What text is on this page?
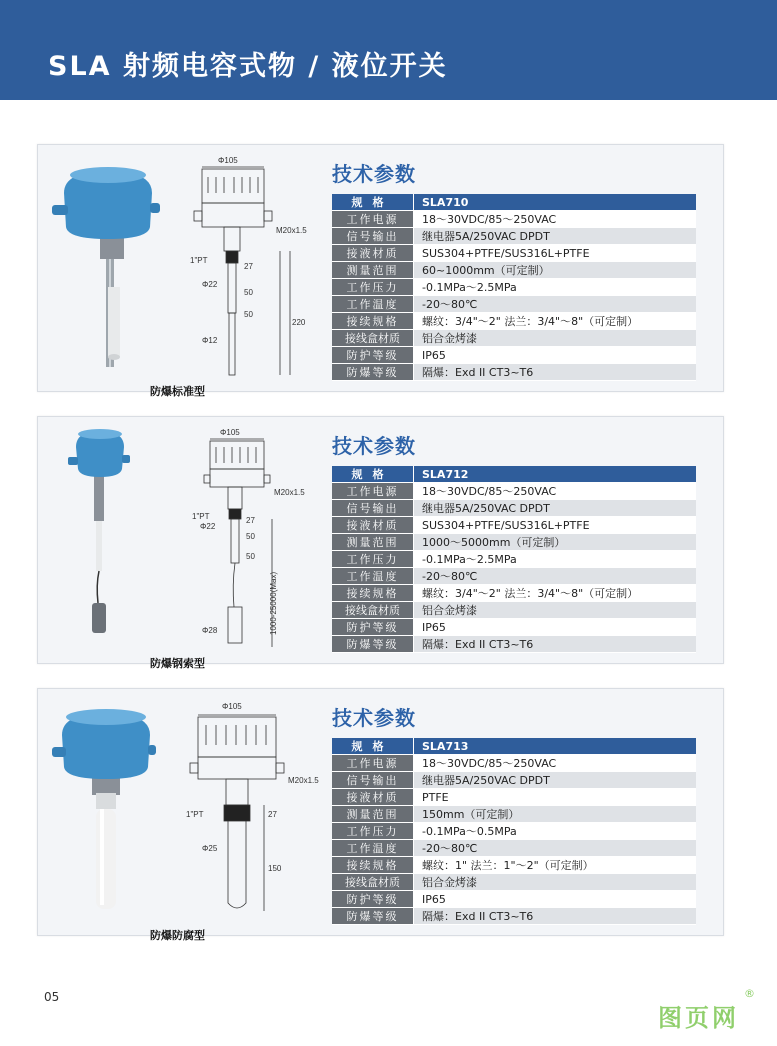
SLA 射频电容式物 / 液位开关
防爆标准型
Φ105
M20x1.5
1"PT
Φ22
Φ12
27
50
50
220
技术参数
规格	SLA710
工作电源	18～30VDC/85～250VAC
信号输出	继电器5A/250VAC DPDT
接液材质	SUS304+PTFE/SUS316L+PTFE
测量范围	60~1000mm（可定制）
工作压力	-0.1MPa～2.5MPa
工作温度	-20～80℃
接续规格	螺纹：3/4"～2" 法兰：3/4"～8"（可定制）
接线盒材质	铝合金烤漆
防护等级	IP65
防爆等级	隔爆：Exd II CT3~T6
防爆钢索型
Φ105
M20x1.5
1"PT
Φ22
Φ28
27
50
50
1000-25000(Max)
技术参数
规格	SLA712
工作电源	18～30VDC/85～250VAC
信号输出	继电器5A/250VAC DPDT
接液材质	SUS304+PTFE/SUS316L+PTFE
测量范围	1000～5000mm（可定制）
工作压力	-0.1MPa～2.5MPa
工作温度	-20～80℃
接续规格	螺纹：3/4"～2" 法兰：3/4"～8"（可定制）
接线盒材质	铝合金烤漆
防护等级	IP65
防爆等级	隔爆：Exd II CT3~T6
防爆防腐型
Φ105
M20x1.5
1"PT
Φ25
27
150
技术参数
规格	SLA713
工作电源	18～30VDC/85～250VAC
信号输出	继电器5A/250VAC DPDT
接液材质	PTFE
测量范围	150mm（可定制）
工作压力	-0.1MPa～0.5MPa
工作温度	-20～80℃
接续规格	螺纹：1" 法兰：1"～2"（可定制）
接线盒材质	铝合金烤漆
防护等级	IP65
防爆等级	隔爆：Exd II CT3~T6
05
图页网
®
